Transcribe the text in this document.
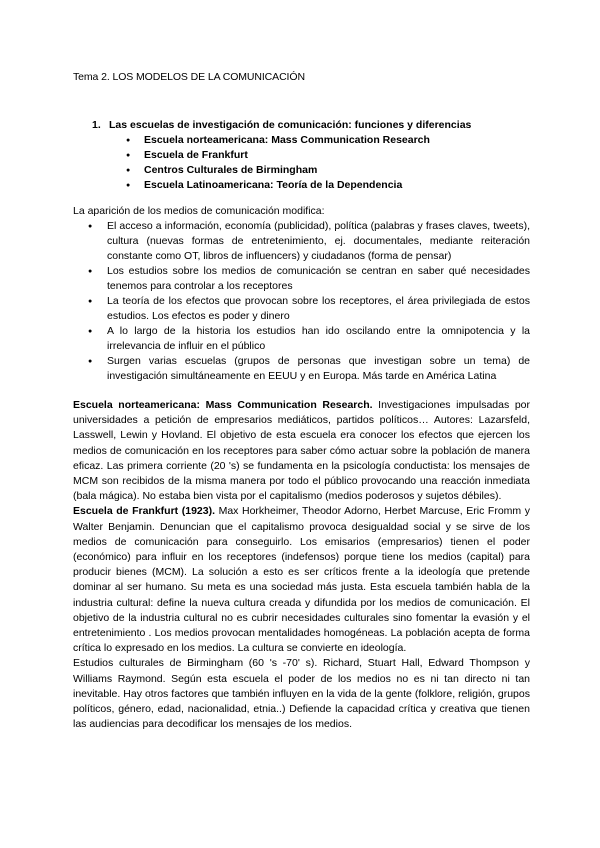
Tema 2. LOS MODELOS DE LA COMUNICACIÓN
1. Las escuelas de investigación de comunicación: funciones y diferencias
● Escuela norteamericana: Mass Communication Research
● Escuela de Frankfurt
● Centros Culturales de Birmingham
● Escuela Latinoamericana: Teoría de la Dependencia
La aparición de los medios de comunicación modifica:
● El acceso a información, economía (publicidad), política (palabras y frases claves, tweets), cultura (nuevas formas de entretenimiento, ej. documentales, mediante reiteración constante como OT, libros de influencers) y ciudadanos (forma de pensar)
● Los estudios sobre los medios de comunicación se centran en saber qué necesidades tenemos para controlar a los receptores
● La teoría de los efectos que provocan sobre los receptores, el área privilegiada de estos estudios. Los efectos es poder y dinero
● A lo largo de la historia los estudios han ido oscilando entre la omnipotencia y la irrelevancia de influir en el público
● Surgen varias escuelas (grupos de personas que investigan sobre un tema) de investigación simultáneamente en EEUU y en Europa. Más tarde en América Latina

Escuela norteamericana: Mass Communication Research. Investigaciones impulsadas por universidades a petición de empresarios mediáticos, partidos políticos… Autores: Lazarsfeld, Lasswell, Lewin y Hovland. El objetivo de esta escuela era conocer los efectos que ejercen los medios de comunicación en los receptores para saber cómo actuar sobre la población de manera eficaz. Las primera corriente (20 's) se fundamenta en la psicología conductista: los mensajes de MCM son recibidos de la misma manera por todo el público provocando una reacción inmediata (bala mágica). No estaba bien vista por el capitalismo (medios poderosos y sujetos débiles).

Escuela de Frankfurt (1923). Max Horkheimer, Theodor Adorno, Herbet Marcuse, Eric Fromm y Walter Benjamin. Denuncian que el capitalismo provoca desigualdad social y se sirve de los medios de comunicación para conseguirlo. Los emisarios (empresarios) tienen el poder (económico) para influir en los receptores (indefensos) porque tiene los medios (capital) para producir bienes (MCM). La solución a esto es ser críticos frente a la ideología que pretende dominar al ser humano. Su meta es una sociedad más justa. Esta escuela también habla de la industria cultural: define la nueva cultura creada y difundida por los medios de comunicación. El objetivo de la industria cultural no es cubrir necesidades culturales sino fomentar la evasión y el entretenimiento . Los medios provocan mentalidades homogéneas. La población acepta de forma crítica lo expresado en los medios. La cultura se convierte en ideología.

Estudios culturales de Birmingham (60 's -70' s). Richard, Stuart Hall, Edward Thompson y Williams Raymond. Según esta escuela el poder de los medios no es ni tan directo ni tan inevitable. Hay otros factores que también influyen en la vida de la gente (folklore, religión, grupos políticos, género, edad, nacionalidad, etnia..) Defiende la capacidad crítica y creativa que tienen las audiencias para decodificar los mensajes de los medios.
